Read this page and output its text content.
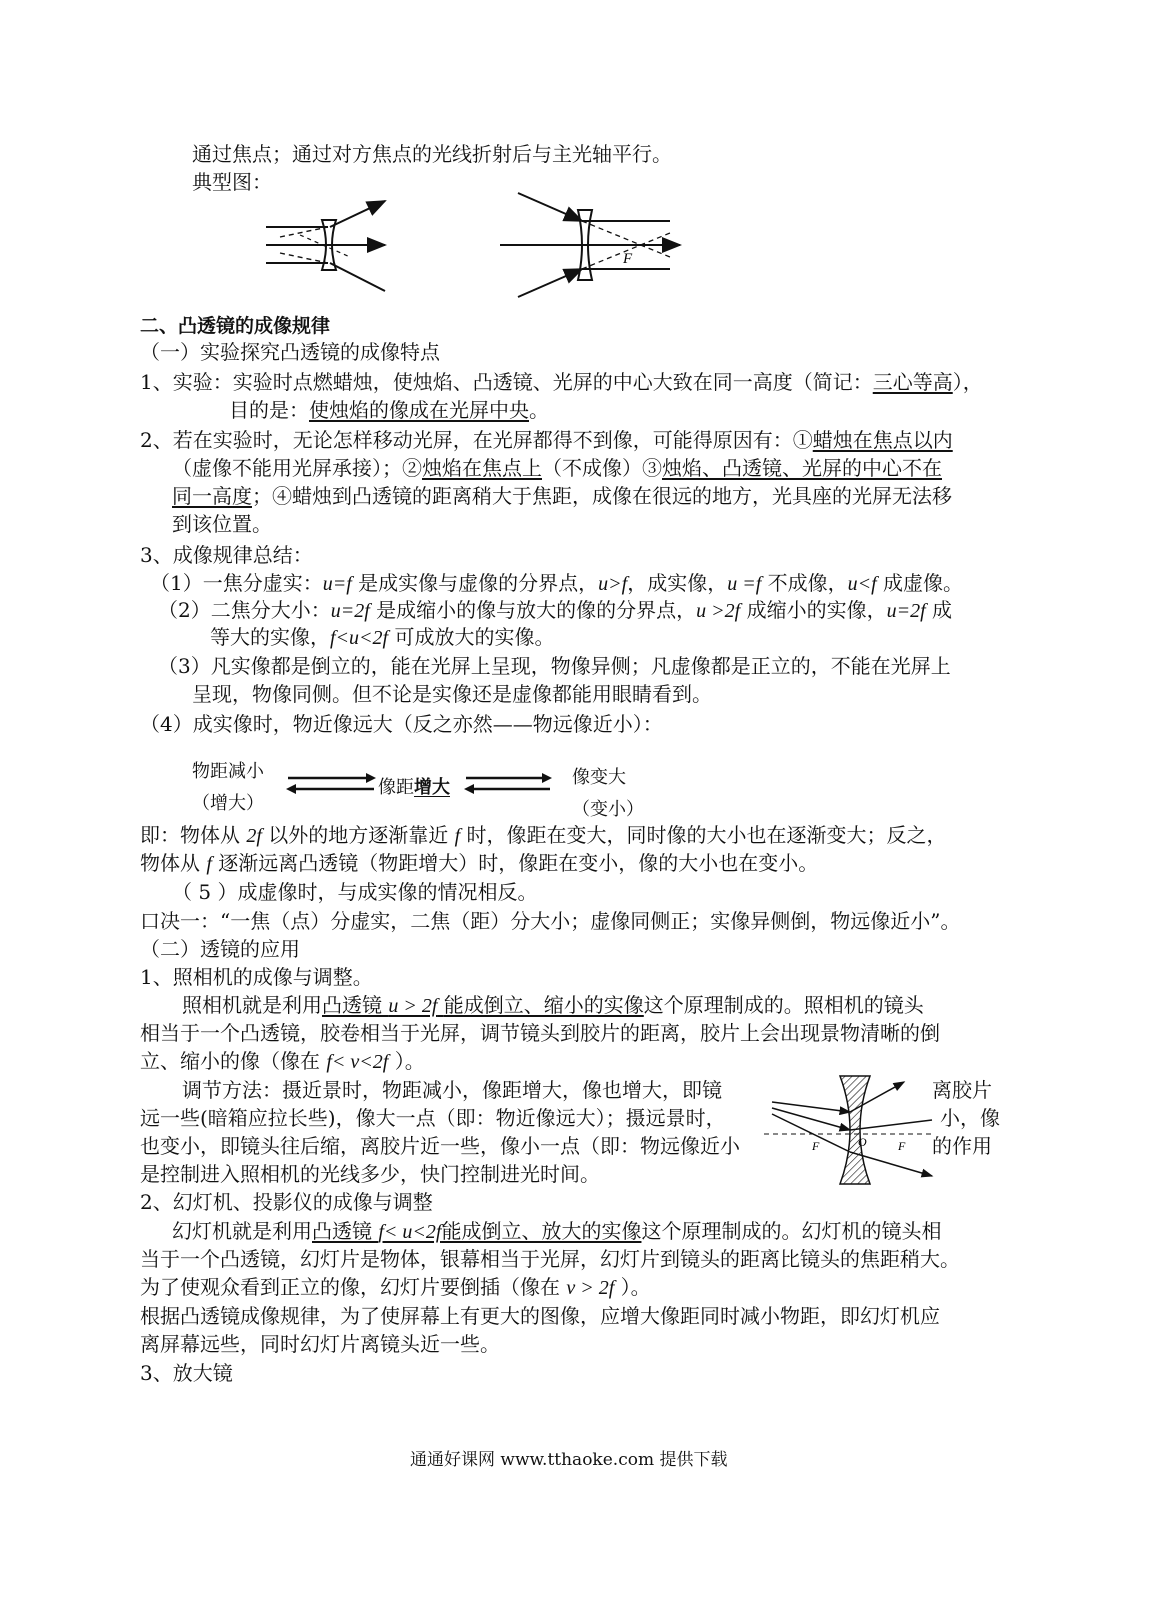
通过焦点；通过对方焦点的光线折射后与主光轴平行。
典型图：
F
二、凸透镜的成像规律
（一）实验探究凸透镜的成像特点
1、实验：实验时点燃蜡烛，使烛焰、凸透镜、光屏的中心大致在同一高度（简记：三心等高），
目的是：使烛焰的像成在光屏中央。
2、若在实验时，无论怎样移动光屏，在光屏都得不到像，可能得原因有：①蜡烛在焦点以内
（虚像不能用光屏承接）；②烛焰在焦点上（不成像）③烛焰、凸透镜、光屏的中心不在
同一高度；④蜡烛到凸透镜的距离稍大于焦距，成像在很远的地方，光具座的光屏无法移
到该位置。
3、成像规律总结：
（1）一焦分虚实：u=f 是成实像与虚像的分界点，u>f，成实像，u =f 不成像，u<f 成虚像。
（2）二焦分大小：u=2f 是成缩小的像与放大的像的分界点，u >2f 成缩小的实像，u=2f 成
等大的实像，f<u<2f 可成放大的实像。
（3）凡实像都是倒立的，能在光屏上呈现，物像异侧；凡虚像都是正立的，不能在光屏上
呈现，物像同侧。但不论是实像还是虚像都能用眼睛看到。
（4）成实像时，物近像远大（反之亦然——物远像近小）：
物距减小
（增大）
像距增大	像变大
（变小）
即：物体从 2f 以外的地方逐渐靠近 f 时，像距在变大，同时像的大小也在逐渐变大；反之，
物体从 f 逐渐远离凸透镜（物距增大）时，像距在变小，像的大小也在变小。
（ 5 ）成虚像时，与成实像的情况相反。
口决一：“一焦（点）分虚实，二焦（距）分大小；虚像同侧正；实像异侧倒，物远像近小”。
（二）透镜的应用
1、照相机的成像与调整。
照相机就是利用凸透镜 u > 2f 能成倒立、缩小的实像这个原理制成的。照相机的镜头
相当于一个凸透镜，胶卷相当于光屏，调节镜头到胶片的距离，胶片上会出现景物清晰的倒
立、缩小的像（像在 f< v<2f ）。
调节方法：摄近景时，物距减小，像距增大，像也增大，即镜	离胶片
远一些(暗箱应拉长些)，像大一点（即：物近像远大）；摄远景时，	小，像
也变小，即镜头往后缩，离胶片近一些，像小一点（即：物远像近小	的作用
是控制进入照相机的光线多少，快门控制进光时间。
F	O	F
2、幻灯机、投影仪的成像与调整
幻灯机就是利用凸透镜 f< u<2f能成倒立、放大的实像这个原理制成的。幻灯机的镜头相
当于一个凸透镜，幻灯片是物体，银幕相当于光屏，幻灯片到镜头的距离比镜头的焦距稍大。
为了使观众看到正立的像，幻灯片要倒插（像在 v > 2f ）。
根据凸透镜成像规律，为了使屏幕上有更大的图像，应增大像距同时减小物距，即幻灯机应
离屏幕远些，同时幻灯片离镜头近一些。
3、放大镜
通通好课网 www.tthaoke.com 提供下载
